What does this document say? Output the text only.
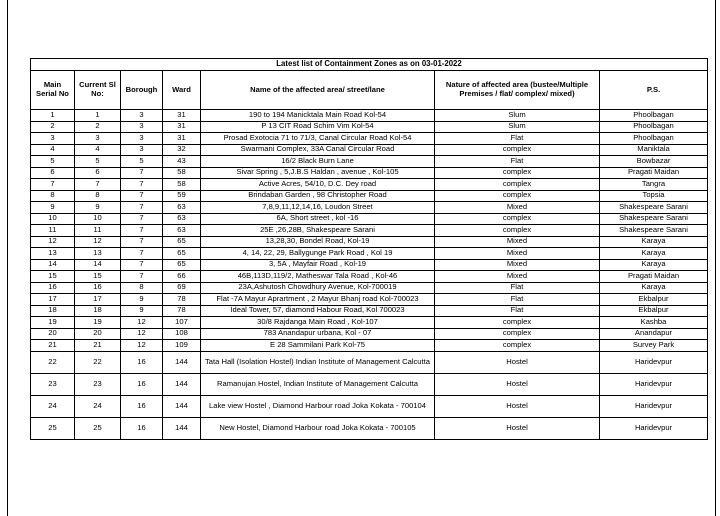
Latest list of Containment Zones as on 03-01-2022						
Main Serial No	Current Sl No:	Borough	Ward	Name of the affected area/ street/lane	Nature of affected area (bustee/Multiple Premises / flat/ complex/ mixed)	P.S.
1	1	3	31	190 to 194 Manicktala Main Road Kol-54	Slum	Phoolbagan
2	2	3	31	P 13 CIT Road Schim Vim Kol-54	Slum	Phoolbagan
3	3	3	31	Prosad Exotocia 71 to 71/3, Canal Circular Road Kol-54	Flat	Phoolbagan
4	4	3	32	Swarmani Complex, 33A Canal Circular Road	complex	Maniktala
5	5	5	43	16/2 Black Burn Lane	Flat	Bowbazar
6	6	7	58	Sivar Spring , 5,J.B.S Haldan , avenue , Kol-105	complex	Pragati Maidan
7	7	7	58	Active Acres, 54/10, D.C. Dey road	complex	Tangra
8	8	7	59	Brindaban Garden , 98 Christopher Road	complex	Topsia
9	9	7	63	7,8,9,11,12,14,16, Loudon Street	Mixed	Shakespeare Sarani
10	10	7	63	6A, Short street , kol -16	complex	Shakespeare Sarani
11	11	7	63	25E ,26,28B, Shakespeare Sarani	complex	Shakespeare Sarani
12	12	7	65	13,28,30, Bondel Road, Kol-19	Mixed	Karaya
13	13	7	65	4, 14, 22, 29, Ballygunge Park Road , Kol 19	Mixed	Karaya
14	14	7	65	3, 5A , Mayfair Road , Kol-19	Mixed	Karaya
15	15	7	66	46B,113D,119/2, Matheswar Tala Road , Kol-46	Mixed	Pragati Maidan
16	16	8	69	23A,Ashutosh Chowdhury Avenue, Kol-700019	Flat	Karaya
17	17	9	78	Flat -7A Mayur Aprartment , 2 Mayur Bhanj road Kol-700023	Flat	Ekbalpur
18	18	9	78	Ideal Tower, 57, diamond Habour Road, Kol 700023	Flat	Ekbalpur
19	19	12	107	30/8 Rajdanga Main Road , Kol-107	complex	Kashba
20	20	12	108	783 Anandapur urbana, Kol - 07	complex	Anandapur
21	21	12	109	E 28 Sammilani Park Kol-75	complex	Survey Park
22	22	16	144	Tata Hall (Isolation Hostel) Indian Institute of Management Calcutta	Hostel	Haridevpur
23	23	16	144	Ramanujan Hostel, Indian Institute of Management Calcutta	Hostel	Haridevpur
24	24	16	144	Lake view Hostel , Diamond Harbour road Joka Kokata - 700104	Hostel	Haridevpur
25	25	16	144	New Hostel, Diamond Harbour road Joka Kokata - 700105	Hostel	Haridevpur
